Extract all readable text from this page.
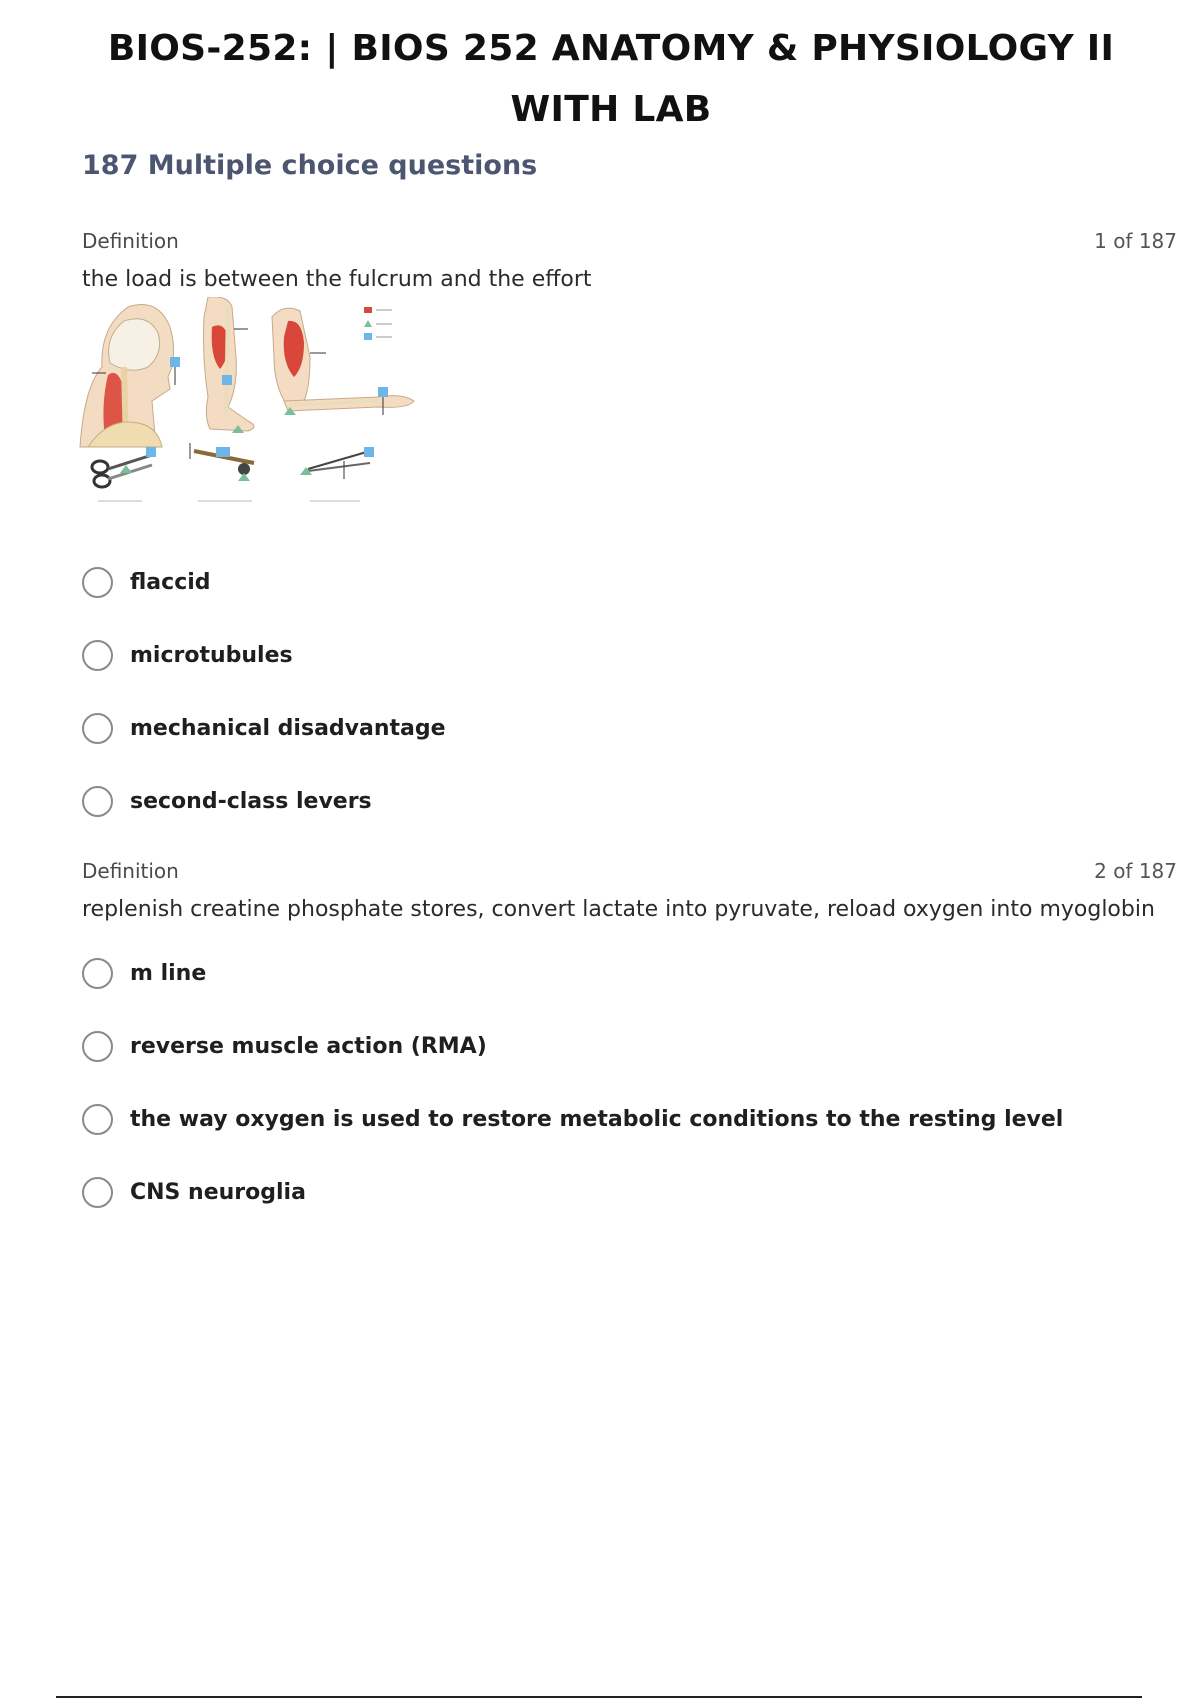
BIOS-252: | BIOS 252 ANATOMY & PHYSIOLOGY II
WITH LAB
187 Multiple choice questions
Definition	1 of 187
the load is between the fulcrum and the effort
flaccid
microtubules
mechanical disadvantage
second-class levers
Definition	2 of 187
replenish creatine phosphate stores, convert lactate into pyruvate, reload oxygen into myoglobin
m line
reverse muscle action (RMA)
the way oxygen is used to restore metabolic conditions to the resting level
CNS neuroglia
